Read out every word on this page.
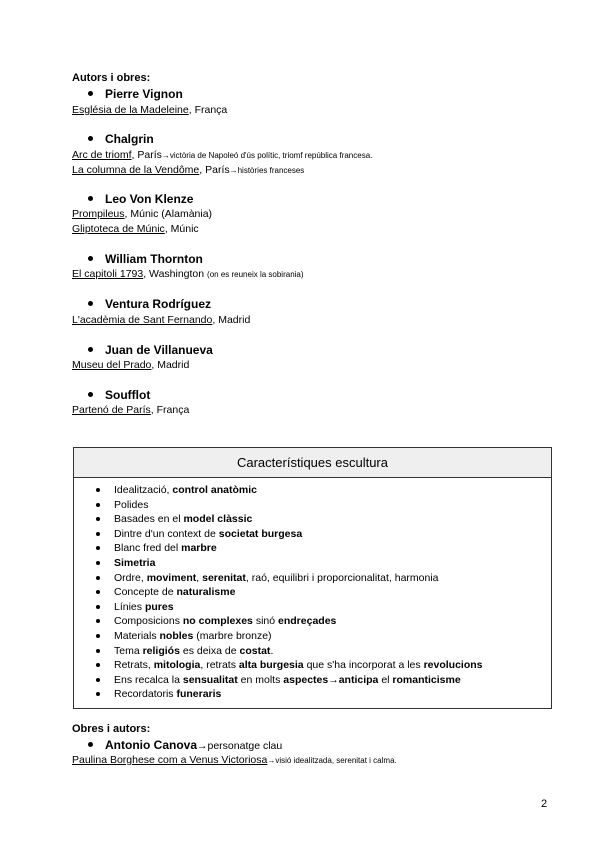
Autors i obres:
Pierre Vignon
Església de la Madeleine, França
Chalgrin
Arc de triomf, París→victòria de Napoleó d'ús polític, triomf república francesa.
La columna de la Vendôme, París→històries franceses
Leo Von Klenze
Prompileus, Múnic (Alamània)
Gliptoteca de Múnic, Múnic
William Thornton
El capitoli 1793, Washington (on es reuneix la sobirania)
Ventura Rodríguez
L'acadèmia de Sant Fernando, Madrid
Juan de Villanueva
Museu del Prado, Madrid
Soufflot
Partenó de París, França
Característiques escultura
Idealització, control anatòmic
Polides
Basades en el model clàssic
Dintre d'un context de societat burgesa
Blanc fred del marbre
Simetria
Ordre, moviment, serenitat, raó, equilibri i proporcionalitat, harmonia
Concepte de naturalisme
Línies pures
Composicions no complexes sinó endreçades
Materials nobles (marbre bronze)
Tema religiós es deixa de costat.
Retrats, mitologia, retrats alta burgesia que s'ha incorporat a les revolucions
Ens recalca la sensualitat en molts aspectes→anticipa el romanticisme
Recordatoris funeraris
Obres i autors:
Antonio Canova→personatge clau
Paulina Borghese com a Venus Victoriosa→visió idealitzada, serenitat i calma.
2
